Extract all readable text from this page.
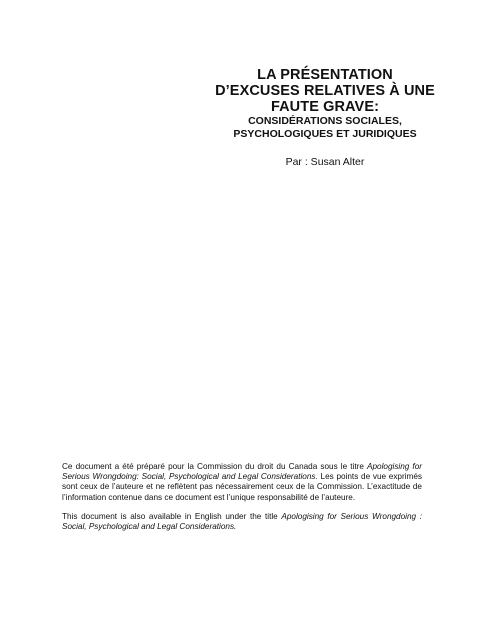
LA PRÉSENTATION

D’EXCUSES RELATIVES À UNE

FAUTE GRAVE:

CONSIDÉRATIONS SOCIALES,

PSYCHOLOGIQUES ET JURIDIQUES

Par : Susan Alter

Ce document a été préparé pour la Commission du droit du Canada sous le titre Apologising for Serious Wrongdoing: Social, Psychological and Legal Considerations. Les points de vue exprimés sont ceux de l’auteure et ne reflètent pas nécessairement ceux de la Commission. L’exactitude de l’information contenue dans ce document est l’unique responsabilité de l’auteure.

This document is also available in English under the title Apologising for Serious Wrongdoing : Social, Psychological and Legal Considerations.
